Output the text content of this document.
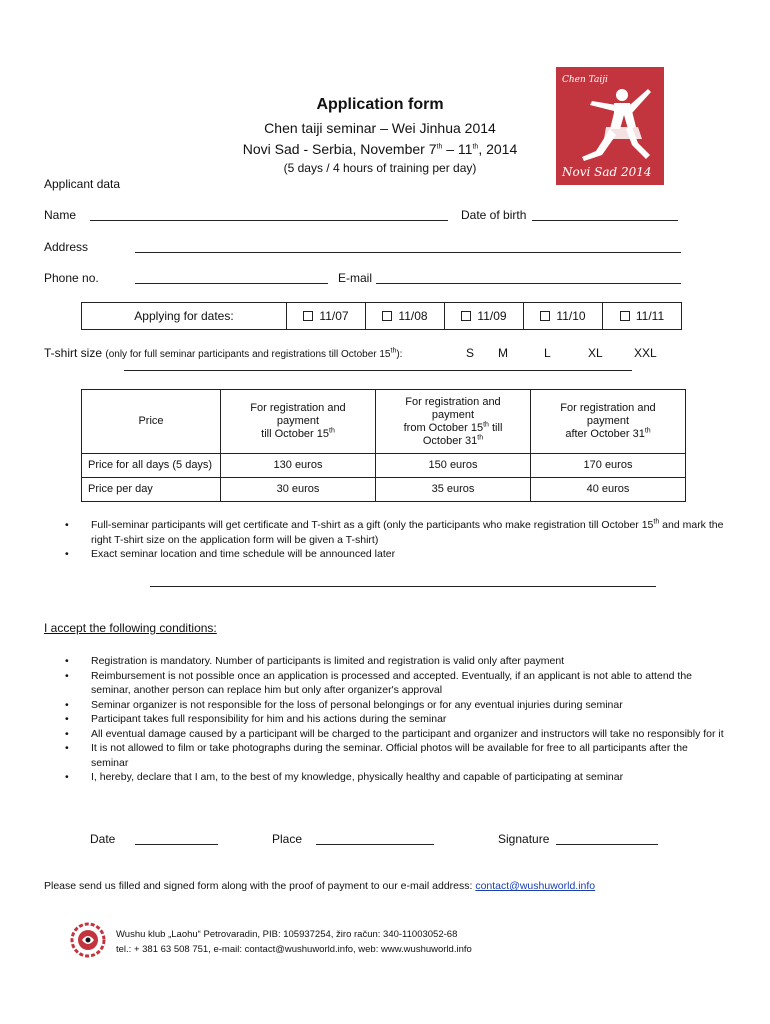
Application form
Chen taiji seminar – Wei Jinhua 2014
Novi Sad - Serbia, November 7th – 11th, 2014
(5 days / 4 hours of training per day)
Chen Taiji
Novi Sad 2014
Applicant data
Name	Date of birth
Address
Phone no.	E-mail
Applying for dates:	11/07	11/08	11/09	11/10	11/11
T-shirt size (only for full seminar participants and registrations till October 15th):	S M	L	XL	XXL
Price	For registration and
payment
till October 15th	For registration and
payment
from October 15th till
October 31th	For registration and
payment
after October 31th
Price for all days (5 days)	130 euros	150 euros	170 euros
Price per day	30 euros	35 euros	40 euros
• Full-seminar participants will get certificate and T-shirt as a gift (only the participants who make registration till October 15th and mark the right T-shirt size on the application form will be given a T-shirt)
• Exact seminar location and time schedule will be announced later
I accept the following conditions:
• Registration is mandatory. Number of participants is limited and registration is valid only after payment
• Reimbursement is not possible once an application is processed and accepted. Eventually, if an applicant is not able to attend the seminar, another person can replace him but only after organizer's approval
• Seminar organizer is not responsible for the loss of personal belongings or for any eventual injuries during seminar
• Participant takes full responsibility for him and his actions during the seminar
• All eventual damage caused by a participant will be charged to the participant and organizer and instructors will take no responsibly for it
• It is not allowed to film or take photographs during the seminar. Official photos will be available for free to all participants after the seminar
• I, hereby, declare that I am, to the best of my knowledge, physically healthy and capable of participating at seminar
Date	Place	Signature
Please send us filled and signed form along with the proof of payment to our e-mail address: contact@wushuworld.info
Wushu klub „Laohu“ Petrovaradin, PIB: 105937254, žiro račun: 340-11003052-68
tel.: + 381 63 508 751, e-mail: contact@wushuworld.info, web: www.wushuworld.info
